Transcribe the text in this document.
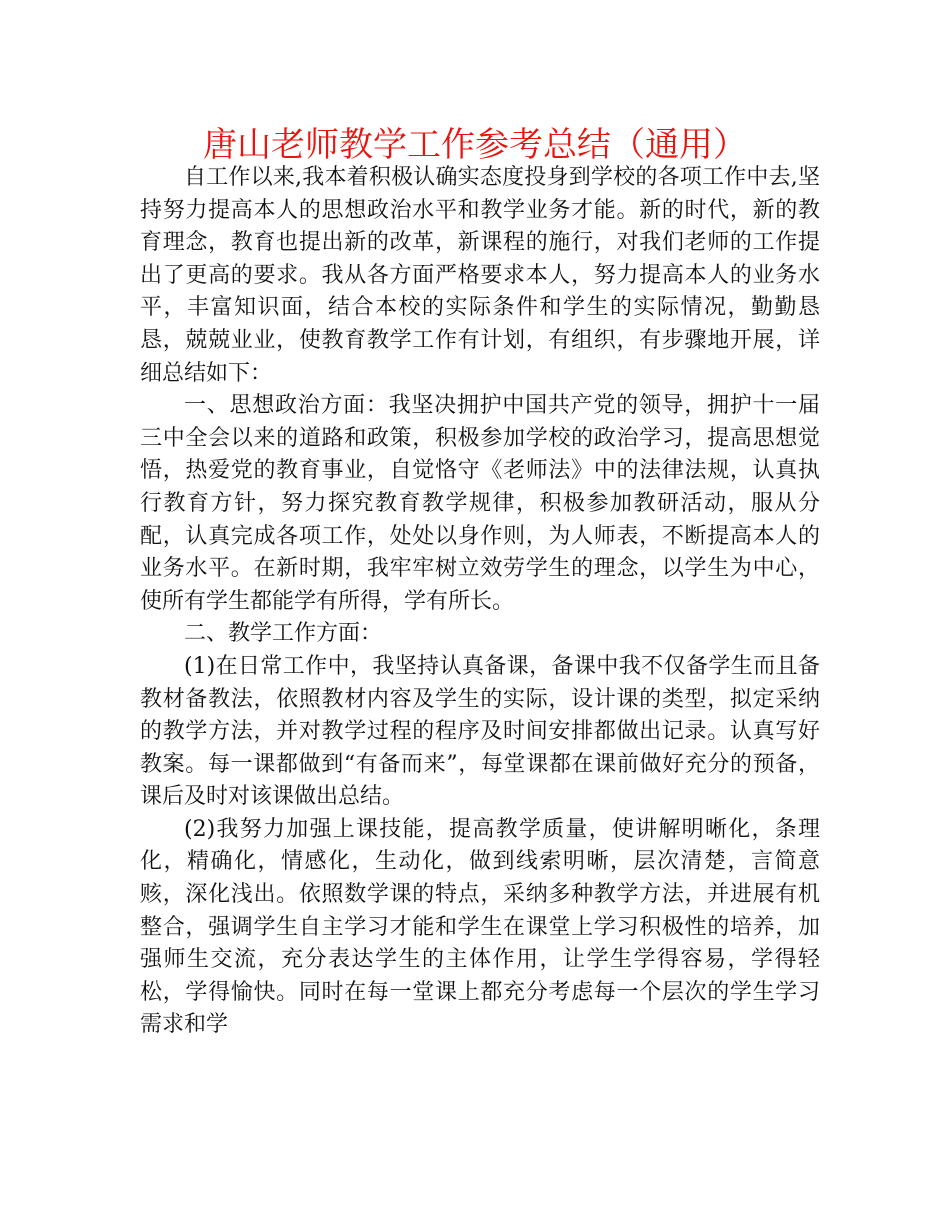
唐山老师教学工作参考总结（通用）

自工作以来,我本着积极认确实态度投身到学校的各项工作中去,坚持努力提高本人的思想政治水平和教学业务才能。新的时代，新的教育理念，教育也提出新的改革，新课程的施行，对我们老师的工作提出了更高的要求。我从各方面严格要求本人，努力提高本人的业务水平，丰富知识面，结合本校的实际条件和学生的实际情况，勤勤恳恳，兢兢业业，使教育教学工作有计划，有组织，有步骤地开展，详细总结如下：

一、思想政治方面：我坚决拥护中国共产党的领导，拥护十一届三中全会以来的道路和政策，积极参加学校的政治学习，提高思想觉悟，热爱党的教育事业，自觉恪守《老师法》中的法律法规，认真执行教育方针，努力探究教育教学规律，积极参加教研活动，服从分配，认真完成各项工作，处处以身作则，为人师表，不断提高本人的业务水平。在新时期，我牢牢树立效劳学生的理念，以学生为中心，使所有学生都能学有所得，学有所长。

二、教学工作方面：

(1)在日常工作中，我坚持认真备课，备课中我不仅备学生而且备教材备教法，依照教材内容及学生的实际，设计课的类型，拟定采纳的教学方法，并对教学过程的程序及时间安排都做出记录。认真写好教案。每一课都做到“有备而来”，每堂课都在课前做好充分的预备，课后及时对该课做出总结。

(2)我努力加强上课技能，提高教学质量，使讲解明晰化，条理化，精确化，情感化，生动化，做到线索明晰，层次清楚，言简意赅，深化浅出。依照数学课的特点，采纳多种教学方法，并进展有机整合，强调学生自主学习才能和学生在课堂上学习积极性的培养，加强师生交流，充分表达学生的主体作用，让学生学得容易，学得轻松，学得愉快。同时在每一堂课上都充分考虑每一个层次的学生学习需求和学
